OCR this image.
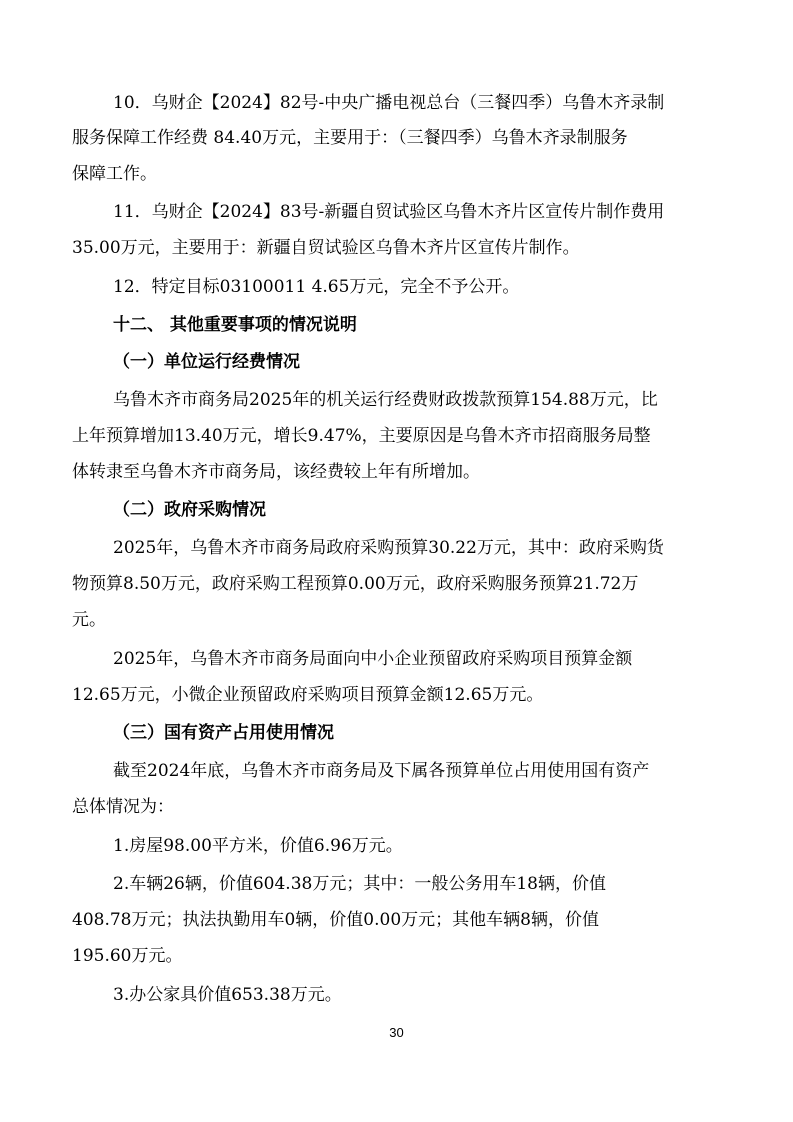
10．乌财企【2024】82号-中央广播电视总台（三餐四季）乌鲁木齐录制
服务保障工作经费 84.40万元，主要用于：（三餐四季）乌鲁木齐录制服务
保障工作。
11．乌财企【2024】83号-新疆自贸试验区乌鲁木齐片区宣传片制作费用
35.00万元，主要用于：新疆自贸试验区乌鲁木齐片区宣传片制作。
12．特定目标03100011 4.65万元，完全不予公开。
十二、 其他重要事项的情况说明
（一）单位运行经费情况
乌鲁木齐市商务局2025年的机关运行经费财政拨款预算154.88万元，比
上年预算增加13.40万元，增长9.47%，主要原因是乌鲁木齐市招商服务局整
体转隶至乌鲁木齐市商务局，该经费较上年有所增加。
（二）政府采购情况
2025年，乌鲁木齐市商务局政府采购预算30.22万元，其中：政府采购货
物预算8.50万元，政府采购工程预算0.00万元，政府采购服务预算21.72万
元。
2025年，乌鲁木齐市商务局面向中小企业预留政府采购项目预算金额
12.65万元，小微企业预留政府采购项目预算金额12.65万元。
（三）国有资产占用使用情况
截至2024年底，乌鲁木齐市商务局及下属各预算单位占用使用国有资产
总体情况为：
1.房屋98.00平方米，价值6.96万元。
2.车辆26辆，价值604.38万元；其中：一般公务用车18辆，价值
408.78万元；执法执勤用车0辆，价值0.00万元；其他车辆8辆，价值
195.60万元。
3.办公家具价值653.38万元。
30
